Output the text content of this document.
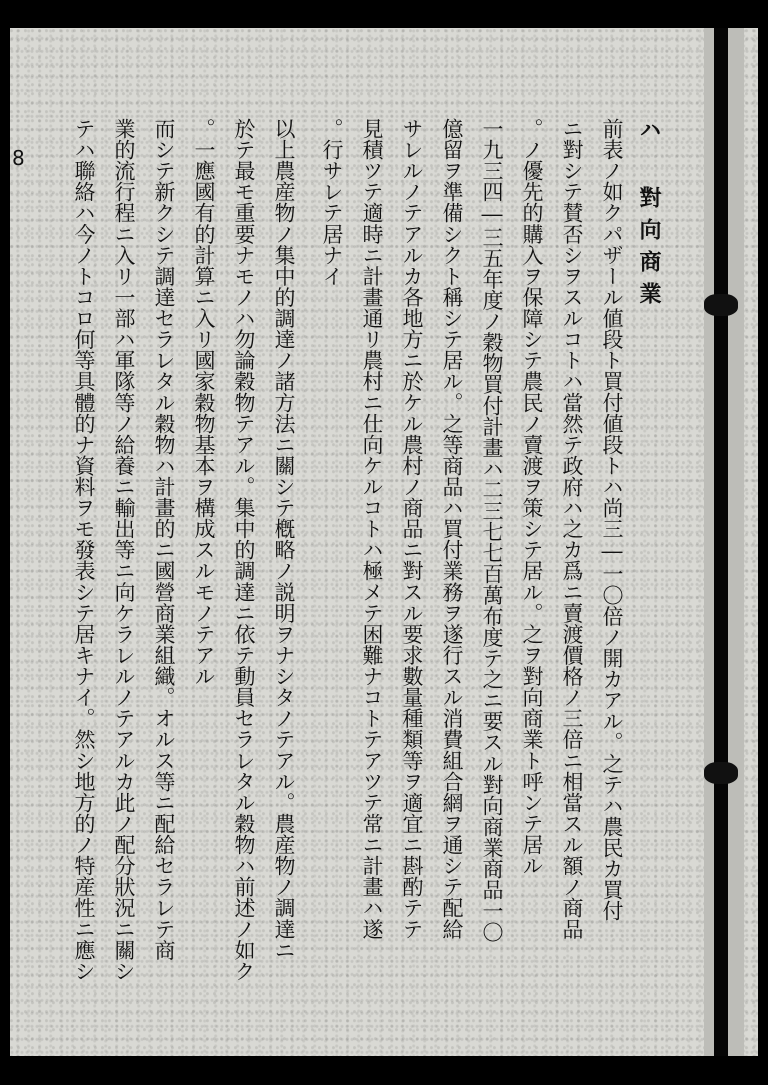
8	ハ 對向商業
前表ノ如クパザール値段ト買付値段トハ尚三―一〇倍ノ開カアル。之テハ農民カ買付
ニ對シテ賛否シヲスルコトハ當然テ政府ハ之カ爲ニ賣渡價格ノ三倍ニ相當スル額ノ商品
ノ優先的購入ヲ保障シテ農民ノ賣渡ヲ策シテ居ル。之ヲ對向商業ト呼ンテ居ル。
一九三四―三五年度ノ穀物買付計畫ハ二三七七百萬布度テ之ニ要スル對向商業商品一〇
億留ヲ準備シクト稱シテ居ル。之等商品ハ買付業務ヲ遂行スル消費組合網ヲ通シテ配給
サレルノテアルカ各地方ニ於ケル農村ノ商品ニ對スル要求數量種類等ヲ適宜ニ斟酌テテ
見積ツテ適時ニ計畫通リ農村ニ仕向ケルコトハ極メテ困難ナコトテアツテ常ニ計畫ハ遂
行サレテ居ナイ。
以上農産物ノ集中的調達ノ諸方法ニ關シテ槪略ノ説明ヲナシタノテアル。農産物ノ調達ニ
於テ最モ重要ナモノハ勿論穀物テアル。集中的調達ニ依テ動員セラレタル穀物ハ前述ノ如ク
一應國有的計算ニ入リ國家穀物基本ヲ構成スルモノテアル。
而シテ新クシテ調達セラレタル穀物ハ計畫的ニ國營商業組織。オルス等ニ配給セラレテ商
業的流行程ニ入リ一部ハ軍隊等ノ給養ニ輸出等ニ向ケラレルノテアルカ此ノ配分狀況ニ關シ
テハ聯絡ハ今ノトコロ何等具體的ナ資料ヲモ發表シテ居キナイ。然シ地方的ノ特産性ニ應シ
